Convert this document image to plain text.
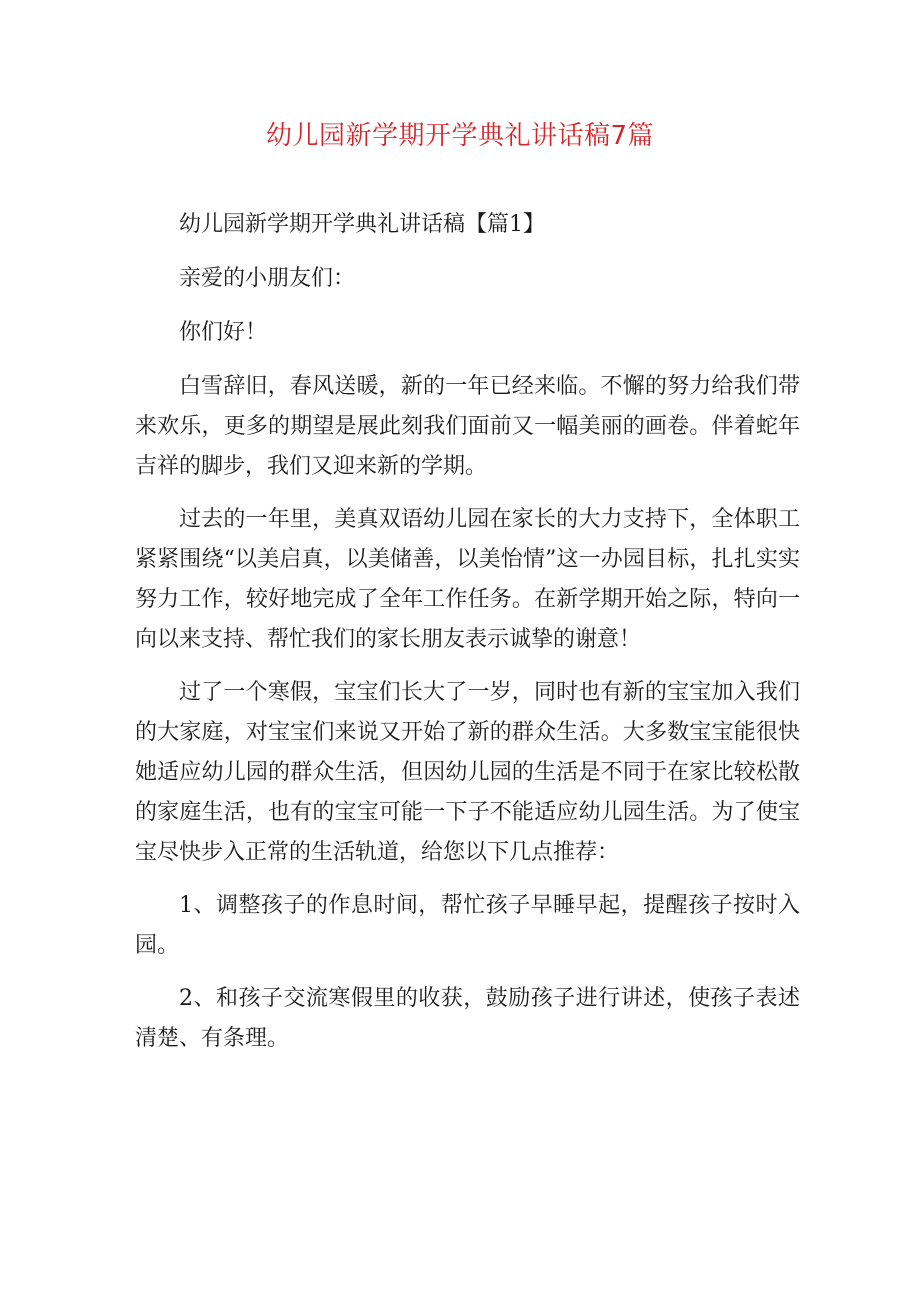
幼儿园新学期开学典礼讲话稿7篇

幼儿园新学期开学典礼讲话稿【篇1】

亲爱的小朋友们：

你们好！

白雪辞旧，春风送暖，新的一年已经来临。不懈的努力给我们带来欢乐，更多的期望是展此刻我们面前又一幅美丽的画卷。伴着蛇年吉祥的脚步，我们又迎来新的学期。

过去的一年里，美真双语幼儿园在家长的大力支持下，全体职工紧紧围绕“以美启真，以美储善，以美怡情”这一办园目标，扎扎实实努力工作，较好地完成了全年工作任务。在新学期开始之际，特向一向以来支持、帮忙我们的家长朋友表示诚挚的谢意！

过了一个寒假，宝宝们长大了一岁，同时也有新的宝宝加入我们的大家庭，对宝宝们来说又开始了新的群众生活。大多数宝宝能很快她适应幼儿园的群众生活，但因幼儿园的生活是不同于在家比较松散的家庭生活，也有的宝宝可能一下子不能适应幼儿园生活。为了使宝宝尽快步入正常的生活轨道，给您以下几点推荐：

1、调整孩子的作息时间，帮忙孩子早睡早起，提醒孩子按时入园。

2、和孩子交流寒假里的收获，鼓励孩子进行讲述，使孩子表述清楚、有条理。
